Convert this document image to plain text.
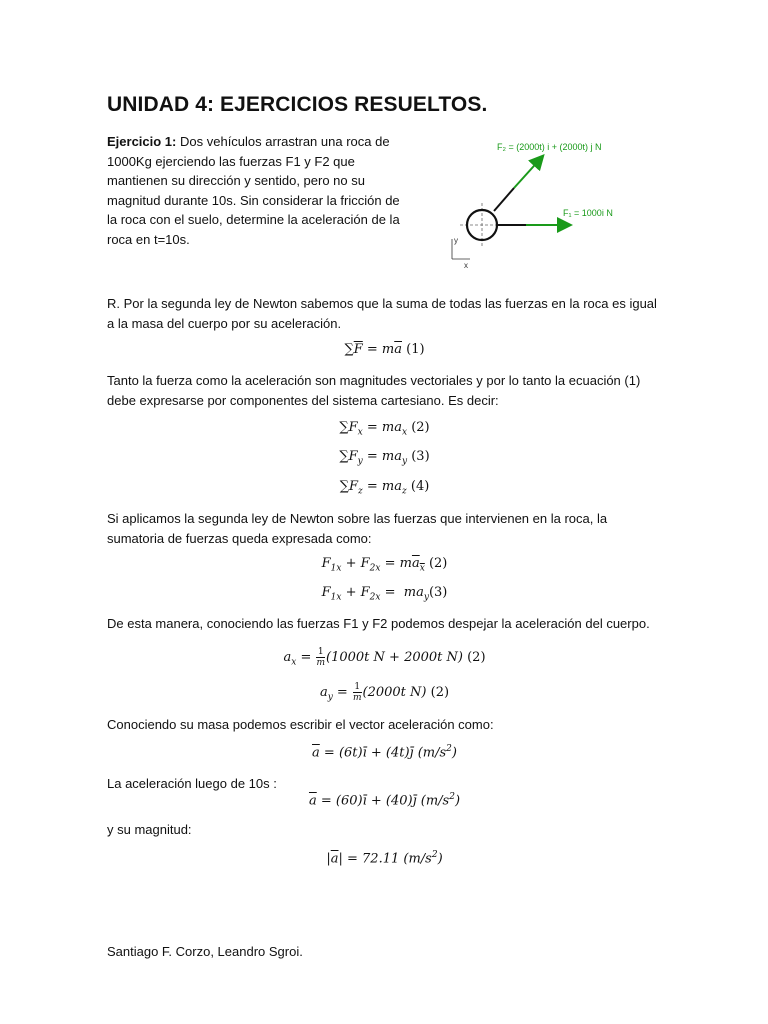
UNIDAD 4: EJERCICIOS RESUELTOS.
Ejercicio 1: Dos vehículos arrastran una roca de 1000Kg ejerciendo las fuerzas F1 y F2 que mantienen su dirección y sentido, pero no su magnitud durante 10s. Sin considerar la fricción de la roca con el suelo, determine la aceleración de la roca en t=10s.
F₂ = (2000t) i + (2000t) j N
F₁ = 1000i N
y
x
R. Por la segunda ley de Newton sabemos que la suma de todas las fuerzas en la roca es igual a la masa del cuerpo por su aceleración.
$\sum\overline{F} = m\overline{a}$ (1)
Tanto la fuerza como la aceleración son magnitudes vectoriales y por lo tanto la ecuación (1) debe expresarse por componentes del sistema cartesiano. Es decir:
$\sum F_x = ma_x$ (2)
$\sum F_y = ma_y$ (3)
$\sum F_z = ma_z$ (4)
Si aplicamos la segunda ley de Newton sobre las fuerzas que intervienen en la roca, la sumatoria de fuerzas queda expresada como:
$F_{1x} + F_{2x} = ma_x$ (2)
$F_{1x} + F_{2x} = ma_y(3)$
De esta manera, conociendo las fuerzas F1 y F2 podemos despejar la aceleración del cuerpo.
$a_x = \frac{1}{m} (1000t$ N + 2000t N) (2)
$a_y = \frac{1}{m} (2000t$ N) (2)
Conociendo su masa podemos escribir el vector aceleración como:
$\overline{a}$ = (6t)ī + (4t)j̄ $(m/s^2)$
La aceleración luego de 10s :
$\overline{a}$ = (60)ī + (40)j̄ $(m/s^2)$
y su magnitud:
$|\overline{a}| = 72.11$ $(m/s^2)$
Santiago F. Corzo, Leandro Sgroi.
